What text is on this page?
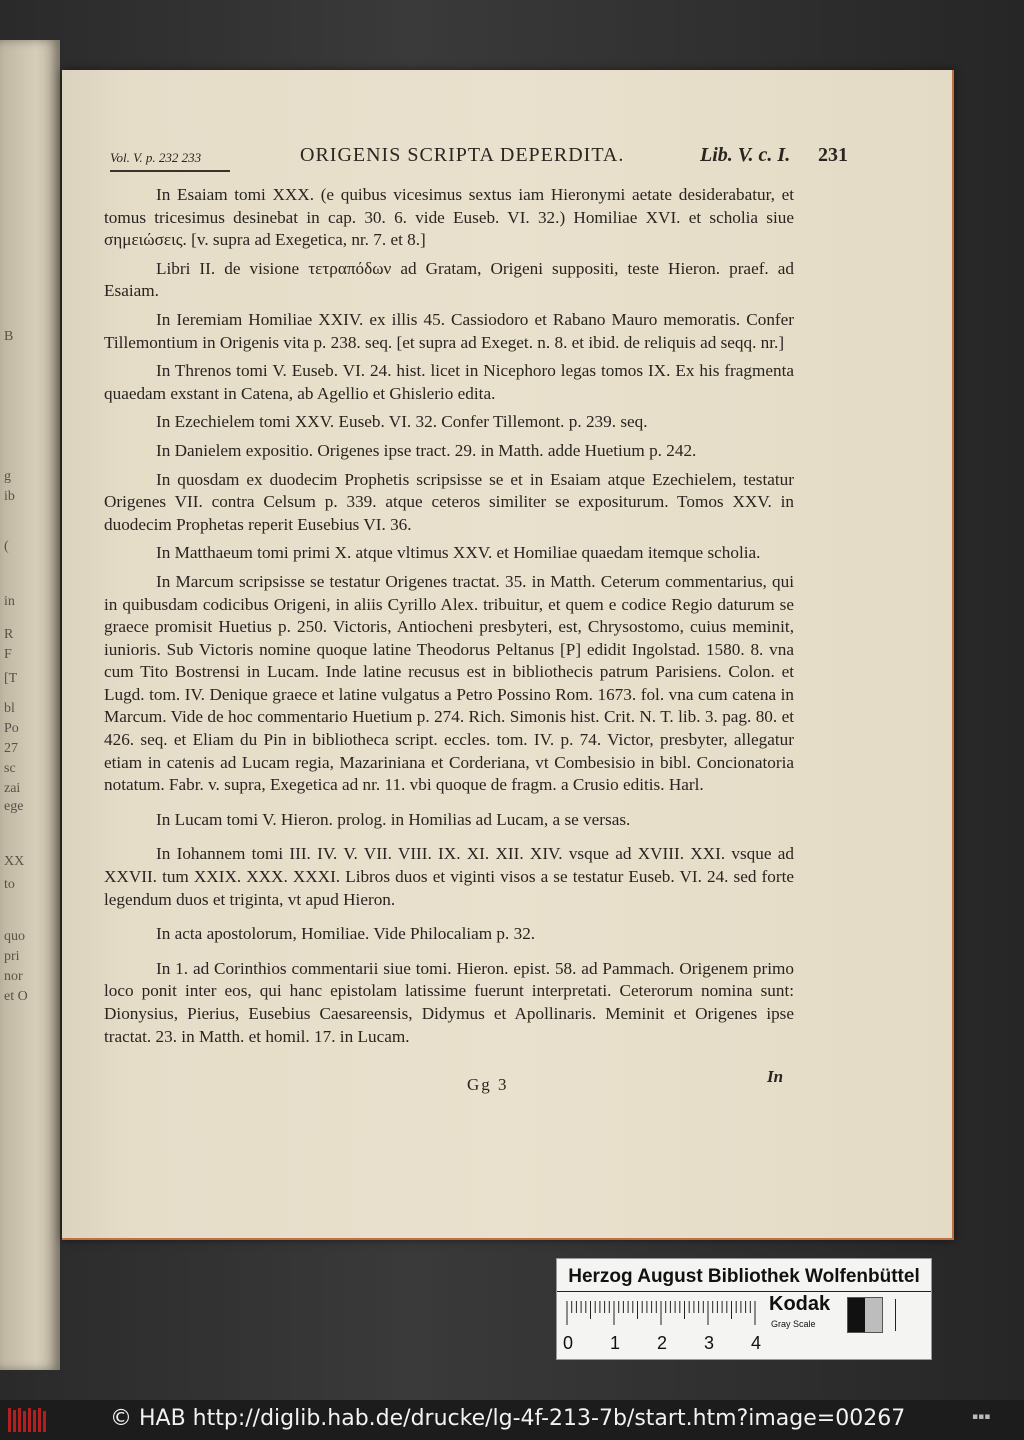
B
g
ib
(
in
R
F
[T
bl
Po
27
sc
zai
ege
XX
to
quo
pri
nor
et O
Vol. V. p. 232 233	ORIGENIS SCRIPTA DEPERDITA.	Lib. V. c. I. 231

In Esaiam tomi XXX. (e quibus vicesimus sextus iam Hieronymi aetate desiderabatur, et tomus tricesimus desinebat in cap. 30. 6. vide Euseb. VI. 32.) Homiliae XVI. et scholia siue σημειώσεις. [v. supra ad Exegetica, nr. 7. et 8.]

Libri II. de visione τετραπόδων ad Gratam, Origeni suppositi, teste Hieron. praef. ad Esaiam.

In Ieremiam Homiliae XXIV. ex illis 45. Cassiodoro et Rabano Mauro memoratis. Confer Tillemontium in Origenis vita p. 238. seq. [et supra ad Exeget. n. 8. et ibid. de reliquis ad seqq. nr.]

In Threnos tomi V. Euseb. VI. 24. hist. licet in Nicephoro legas tomos IX. Ex his fragmenta quaedam exstant in Catena, ab Agellio et Ghislerio edita.

In Ezechielem tomi XXV. Euseb. VI. 32. Confer Tillemont. p. 239. seq.

In Danielem expositio. Origenes ipse tract. 29. in Matth. adde Huetium p. 242.

In quosdam ex duodecim Prophetis scripsisse se et in Esaiam atque Ezechielem, testatur Origenes VII. contra Celsum p. 339. atque ceteros similiter se expositurum. Tomos XXV. in duodecim Prophetas reperit Eusebius VI. 36.

In Matthaeum tomi primi X. atque vltimus XXV. et Homiliae quaedam itemque scholia.

In Marcum scripsisse se testatur Origenes tractat. 35. in Matth. Ceterum commentarius, qui in quibusdam codicibus Origeni, in aliis Cyrillo Alex. tribuitur, et quem e codice Regio daturum se graece promisit Huetius p. 250. Victoris, Antiocheni presbyteri, est, Chrysostomo, cuius meminit, iunioris. Sub Victoris nomine quoque latine Theodorus Peltanus [P] edidit Ingolstad. 1580. 8. vna cum Tito Bostrensi in Lucam. Inde latine recusus est in bibliothecis patrum Parisiens. Colon. et Lugd. tom. IV. Denique graece et latine vulgatus a Petro Possino Rom. 1673. fol. vna cum catena in Marcum. Vide de hoc commentario Huetium p. 274. Rich. Simonis hist. Crit. N. T. lib. 3. pag. 80. et 426. seq. et Eliam du Pin in bibliotheca script. eccles. tom. IV. p. 74. Victor, presbyter, allegatur etiam in catenis ad Lucam regia, Mazariniana et Corderiana, vt Combesisio in bibl. Concionatoria notatum. Fabr. v. supra, Exegetica ad nr. 11. vbi quoque de fragm. a Crusio editis. Harl.

In Lucam tomi V. Hieron. prolog. in Homilias ad Lucam, a se versas.

In Iohannem tomi III. IV. V. VII. VIII. IX. XI. XII. XIV. vsque ad XVIII. XXI. vsque ad XXVII. tum XXIX. XXX. XXXI. Libros duos et viginti visos a se testatur Euseb. VI. 24. sed forte legendum duos et triginta, vt apud Hieron.

In acta apostolorum, Homiliae. Vide Philocaliam p. 32.

In 1. ad Corinthios commentarii siue tomi. Hieron. epist. 58. ad Pammach. Origenem primo loco ponit inter eos, qui hanc epistolam latissime fuerunt interpretati. Ceterorum nomina sunt: Dionysius, Pierius, Eusebius Caesareensis, Didymus et Apollinaris. Meminit et Origenes ipse tractat. 23. in Matth. et homil. 17. in Lucam.

Gg 3	In
Herzog August Bibliothek Wolfenbüttel
0 1 2 3 4
Kodak
Gray Scale
© HAB http://diglib.hab.de/drucke/lg-4f-213-7b/start.htm?image=00267	▪▪▪
